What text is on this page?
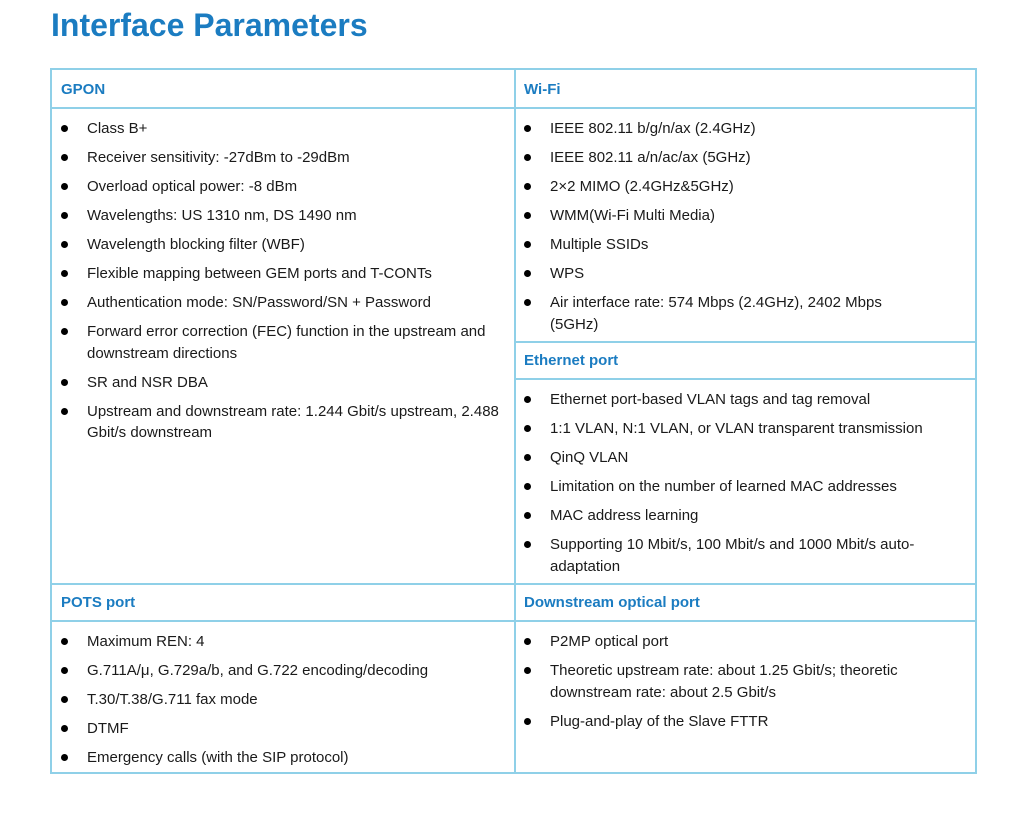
Interface Parameters
GPON
Class B+
Receiver sensitivity: -27dBm to -29dBm
Overload optical power: -8 dBm
Wavelengths: US 1310 nm, DS 1490 nm
Wavelength blocking filter (WBF)
Flexible mapping between GEM ports and T-CONTs
Authentication mode: SN/Password/SN + Password
Forward error correction (FEC) function in the upstream and downstream directions
SR and NSR DBA
Upstream and downstream rate: 1.244 Gbit/s upstream, 2.488 Gbit/s downstream
Wi-Fi
IEEE 802.11 b/g/n/ax (2.4GHz)
IEEE 802.11 a/n/ac/ax (5GHz)
2×2 MIMO (2.4GHz&5GHz)
WMM(Wi-Fi Multi Media)
Multiple SSIDs
WPS
Air interface rate: 574 Mbps (2.4GHz), 2402 Mbps (5GHz)
Ethernet port
Ethernet port-based VLAN tags and tag removal
1:1 VLAN, N:1 VLAN, or VLAN transparent transmission
QinQ VLAN
Limitation on the number of learned MAC addresses
MAC address learning
Supporting 10 Mbit/s, 100 Mbit/s and 1000 Mbit/s auto-adaptation
POTS port
Maximum REN: 4
G.711A/μ, G.729a/b, and G.722 encoding/decoding
T.30/T.38/G.711 fax mode
DTMF
Emergency calls (with the SIP protocol)
Downstream optical port
P2MP optical port
Theoretic upstream rate: about 1.25 Gbit/s; theoretic downstream rate: about 2.5 Gbit/s
Plug-and-play of the Slave FTTR
